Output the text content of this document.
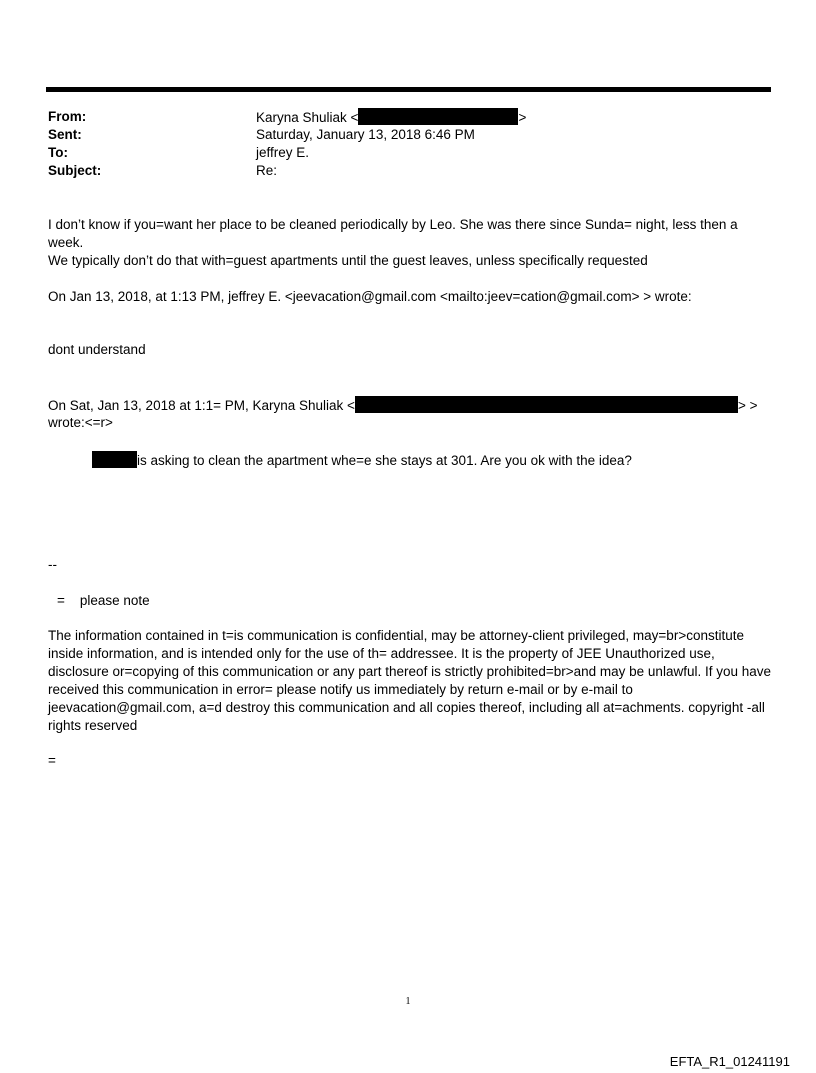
From:	Karyna Shuliak <	>
Sent:	Saturday, January 13, 2018 6:46 PM
To:	jeffrey E.
Subject:	Re:
I don’t know if you=want her place to be cleaned periodically by Leo. She was there since Sunda= night, less then a
week.
We typically don’t do that with=guest apartments until the guest leaves, unless specifically requested
On Jan 13, 2018, at 1:13 PM, jeffrey E. <jeevacation@gmail.com <mailto:jeev=cation@gmail.com> > wrote:
dont understand
On Sat, Jan 13, 2018 at 1:1= PM, Karyna Shuliak <	> >
wrote:<=r>
is asking to clean the apartment whe=e she stays at 301. Are you ok with the idea?
--
=    please note
The information contained in t=is communication is confidential, may be attorney-client privileged, may=br>constitute inside information, and is intended only for the use of th= addressee. It is the property of JEE Unauthorized use, disclosure or=copying of this communication or any part thereof is strictly prohibited=br>and may be unlawful. If you have received this communication in error= please notify us immediately by return e-mail or by e-mail to jeevacation@gmail.com, a=d destroy this communication and all copies thereof, including all at=achments. copyright -all rights reserved
=
1
EFTA_R1_01241191
